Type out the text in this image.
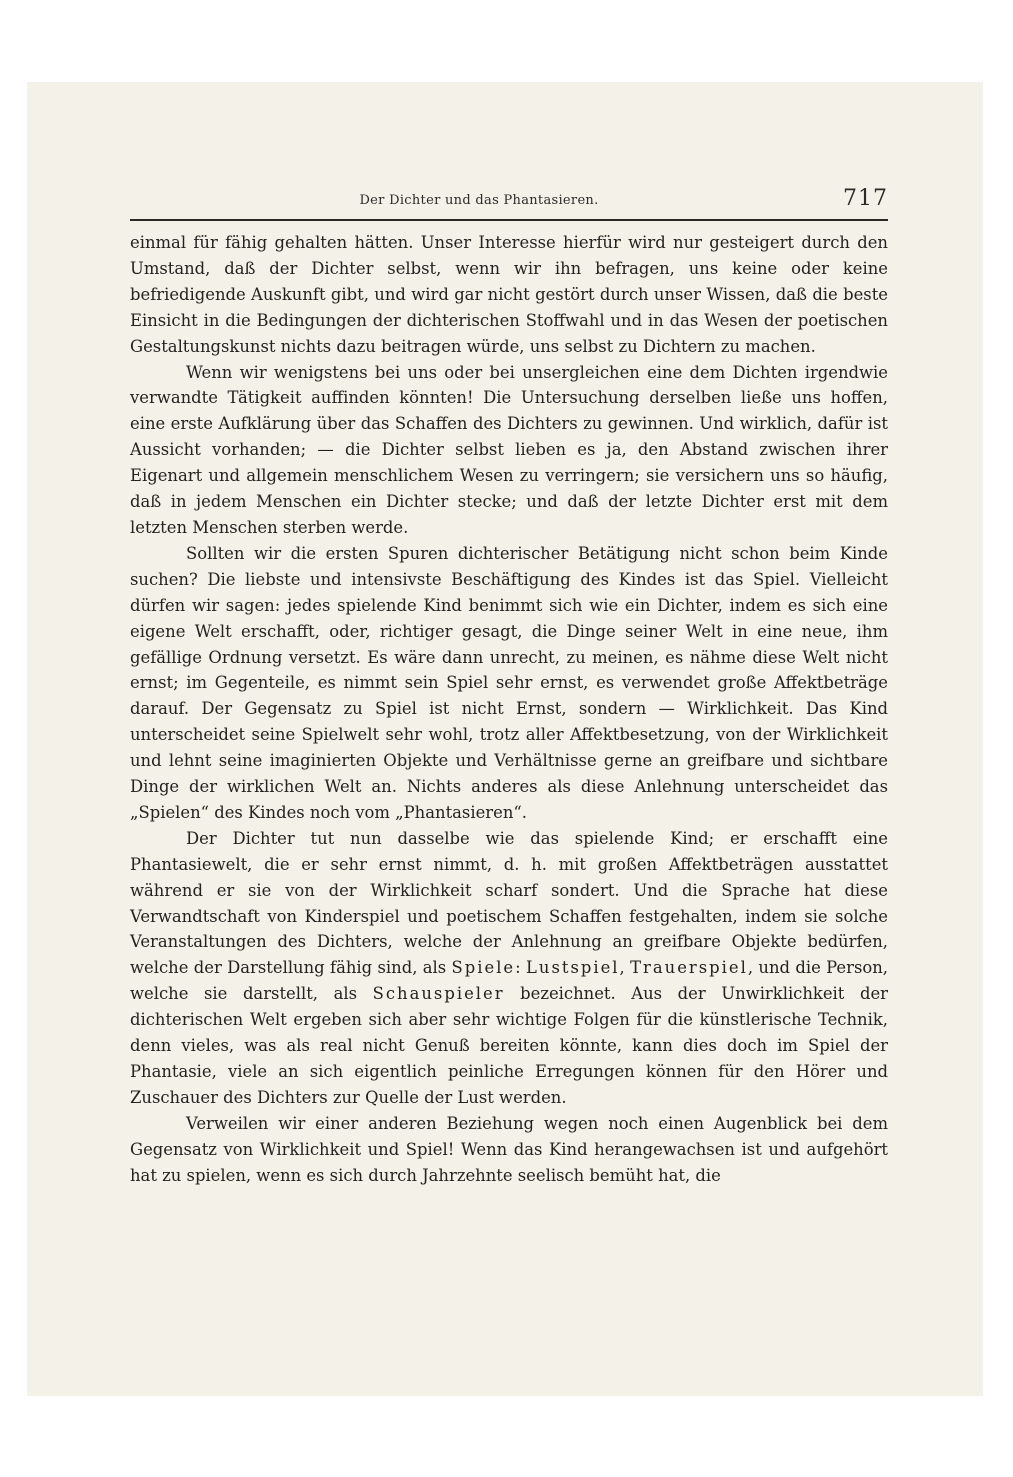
Der Dichter und das Phantasieren.	717

einmal für fähig gehalten hätten. Unser Interesse hierfür wird nur gesteigert durch den Umstand, daß der Dichter selbst, wenn wir ihn befragen, uns keine oder keine befriedigende Auskunft gibt, und wird gar nicht gestört durch unser Wissen, daß die beste Einsicht in die Bedingungen der dichterischen Stoffwahl und in das Wesen der poetischen Gestaltungskunst nichts dazu beitragen würde, uns selbst zu Dichtern zu machen.

Wenn wir wenigstens bei uns oder bei unsergleichen eine dem Dichten irgendwie verwandte Tätigkeit auffinden könnten! Die Untersuchung derselben ließe uns hoffen, eine erste Aufklärung über das Schaffen des Dichters zu gewinnen. Und wirklich, dafür ist Aussicht vorhanden; — die Dichter selbst lieben es ja, den Abstand zwischen ihrer Eigenart und allgemein menschlichem Wesen zu verringern; sie versichern uns so häufig, daß in jedem Menschen ein Dichter stecke; und daß der letzte Dichter erst mit dem letzten Menschen sterben werde.

Sollten wir die ersten Spuren dichterischer Betätigung nicht schon beim Kinde suchen? Die liebste und intensivste Beschäftigung des Kindes ist das Spiel. Vielleicht dürfen wir sagen: jedes spielende Kind benimmt sich wie ein Dichter, indem es sich eine eigene Welt erschafft, oder, richtiger gesagt, die Dinge seiner Welt in eine neue, ihm gefällige Ordnung versetzt. Es wäre dann unrecht, zu meinen, es nähme diese Welt nicht ernst; im Gegenteile, es nimmt sein Spiel sehr ernst, es verwendet große Affektbeträge darauf. Der Gegensatz zu Spiel ist nicht Ernst, sondern — Wirklichkeit. Das Kind unterscheidet seine Spielwelt sehr wohl, trotz aller Affektbesetzung, von der Wirklichkeit und lehnt seine imaginierten Objekte und Verhältnisse gerne an greifbare und sichtbare Dinge der wirklichen Welt an. Nichts anderes als diese Anlehnung unterscheidet das „Spielen“ des Kindes noch vom „Phantasieren“.

Der Dichter tut nun dasselbe wie das spielende Kind; er erschafft eine Phantasiewelt, die er sehr ernst nimmt, d. h. mit großen Affektbeträgen ausstattet während er sie von der Wirklichkeit scharf sondert. Und die Sprache hat diese Verwandtschaft von Kinderspiel und poetischem Schaffen festgehalten, indem sie solche Veranstaltungen des Dichters, welche der Anlehnung an greifbare Objekte bedürfen, welche der Darstellung fähig sind, als Spiele: Lustspiel, Trauerspiel, und die Person, welche sie darstellt, als Schauspieler bezeichnet. Aus der Unwirklichkeit der dichterischen Welt ergeben sich aber sehr wichtige Folgen für die künstlerische Technik, denn vieles, was als real nicht Genuß bereiten könnte, kann dies doch im Spiel der Phantasie, viele an sich eigentlich peinliche Erregungen können für den Hörer und Zuschauer des Dichters zur Quelle der Lust werden.

Verweilen wir einer anderen Beziehung wegen noch einen Augenblick bei dem Gegensatz von Wirklichkeit und Spiel! Wenn das Kind herangewachsen ist und aufgehört hat zu spielen, wenn es sich durch Jahrzehnte seelisch bemüht hat, die
